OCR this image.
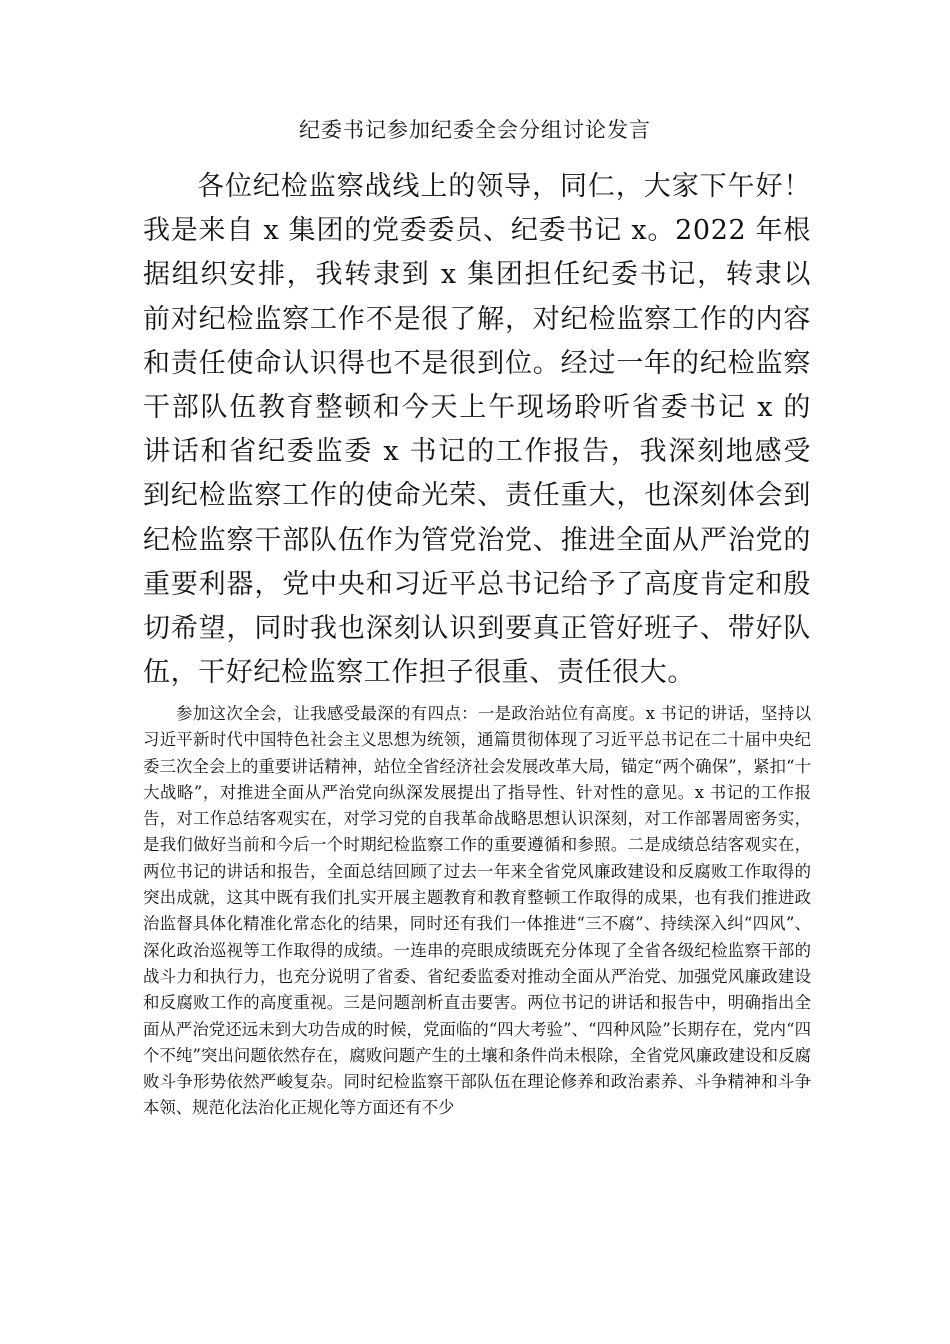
纪委书记参加纪委全会分组讨论发言

各位纪检监察战线上的领导，同仁，大家下午好！我是来自 x 集团的党委委员、纪委书记 x。2022 年根据组织安排，我转隶到 x 集团担任纪委书记，转隶以前对纪检监察工作不是很了解，对纪检监察工作的内容和责任使命认识得也不是很到位。经过一年的纪检监察干部队伍教育整顿和今天上午现场聆听省委书记 x 的讲话和省纪委监委 x 书记的工作报告，我深刻地感受到纪检监察工作的使命光荣、责任重大，也深刻体会到纪检监察干部队伍作为管党治党、推进全面从严治党的重要利器，党中央和习近平总书记给予了高度肯定和殷切希望，同时我也深刻认识到要真正管好班子、带好队伍，干好纪检监察工作担子很重、责任很大。

参加这次全会，让我感受最深的有四点：一是政治站位有高度。x 书记的讲话，坚持以习近平新时代中国特色社会主义思想为统领，通篇贯彻体现了习近平总书记在二十届中央纪委三次全会上的重要讲话精神，站位全省经济社会发展改革大局，锚定“两个确保”，紧扣“十大战略”，对推进全面从严治党向纵深发展提出了指导性、针对性的意见。x 书记的工作报告，对工作总结客观实在，对学习党的自我革命战略思想认识深刻，对工作部署周密务实，是我们做好当前和今后一个时期纪检监察工作的重要遵循和参照。二是成绩总结客观实在，两位书记的讲话和报告，全面总结回顾了过去一年来全省党风廉政建设和反腐败工作取得的突出成就，这其中既有我们扎实开展主题教育和教育整顿工作取得的成果，也有我们推进政治监督具体化精准化常态化的结果，同时还有我们一体推进“三不腐”、持续深入纠“四风”、深化政治巡视等工作取得的成绩。一连串的亮眼成绩既充分体现了全省各级纪检监察干部的战斗力和执行力，也充分说明了省委、省纪委监委对推动全面从严治党、加强党风廉政建设和反腐败工作的高度重视。三是问题剖析直击要害。两位书记的讲话和报告中，明确指出全面从严治党还远未到大功告成的时候，党面临的“四大考验”、“四种风险”长期存在，党内“四个不纯”突出问题依然存在，腐败问题产生的土壤和条件尚未根除，全省党风廉政建设和反腐败斗争形势依然严峻复杂。同时纪检监察干部队伍在理论修养和政治素养、斗争精神和斗争本领、规范化法治化正规化等方面还有不少
